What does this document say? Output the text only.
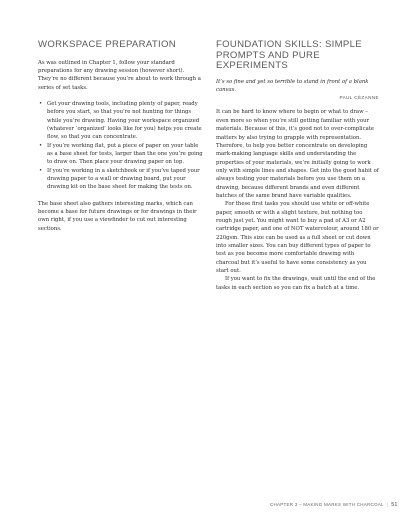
WORKSPACE PREPARATION

As was outlined in Chapter 1, follow your standard preparations for any drawing session (however short). They’re no different because you’re about to work through a series of set tasks.

• Get your drawing tools, including plenty of paper, ready before you start, so that you’re not hunting for things while you’re drawing. Having your workspace organized (whatever ‘organized’ looks like for you) helps you create flow, so that you can concentrate.
• If you’re working flat, put a piece of paper on your table as a base sheet for tests, larger than the one you’re going to draw on. Then place your drawing paper on top.
• If you’re working in a sketchbook or if you’ve taped your drawing paper to a wall or drawing board, put your drawing kit on the base sheet for making the tests on.

The base sheet also gathers interesting marks, which can become a base for future drawings or for drawings in their own right, if you use a viewfinder to cut out interesting sections.

FOUNDATION SKILLS: SIMPLE PROMPTS AND PURE EXPERIMENTS

It’s so fine and yet so terrible to stand in front of a blank canvas.

PAUL CÉZANNE

It can be hard to know where to begin or what to draw – even more so when you’re still getting familiar with your materials. Because of this, it’s good not to over-complicate matters by also trying to grapple with representation. Therefore, to help you better concentrate on developing mark-making language skills and understanding the properties of your materials, we’re initially going to work only with simple lines and shapes. Get into the good habit of always testing your materials before you use them on a drawing, because different brands and even different batches of the same brand have variable qualities.

For these first tasks you should use white or off-white paper, smooth or with a slight texture, but nothing too rough just yet. You might want to buy a pad of A3 or A2 cartridge paper, and one of NOT watercolour, around 180 or 220gsm. This size can be used as a full sheet or cut down into smaller sizes. You can buy different types of paper to test as you become more comfortable drawing with charcoal but it’s useful to have some consistency as you start out.

If you want to fix the drawings, wait until the end of the tasks in each section so you can fix a batch at a time.

CHAPTER 3 – MAKING MARKS WITH CHARCOAL | 51
